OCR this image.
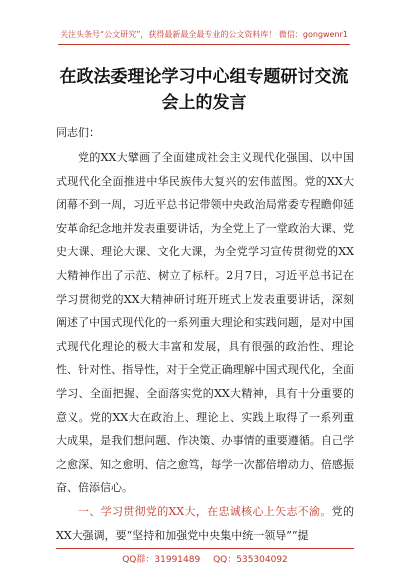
关注头条号“公文研究”，获得最新最全最专业的公文资料库！ 微信：gongwenr1
在政法委理论学习中心组专题研讨交流会上的发言
同志们：

党的XX大擘画了全面建成社会主义现代化强国、以中国式现代化全面推进中华民族伟大复兴的宏伟蓝图。党的XX大闭幕不到一周，习近平总书记带领中央政治局常委专程瞻仰延安革命纪念地并发表重要讲话，为全党上了一堂政治大课、党史大课、理论大课、文化大课，为全党学习宣传贯彻党的XX大精神作出了示范、树立了标杆。2月7日，习近平总书记在学习贯彻党的XX大精神研讨班开班式上发表重要讲话，深刻阐述了中国式现代化的一系列重大理论和实践问题，是对中国式现代化理论的极大丰富和发展，具有很强的政治性、理论性、针对性、指导性，对于全党正确理解中国式现代化，全面学习、全面把握、全面落实党的XX大精神，具有十分重要的意义。党的XX大在政治上、理论上、实践上取得了一系列重大成果，是我们想问题、作决策、办事情的重要遵循。自己学之愈深、知之愈明、信之愈笃，每学一次都倍增动力、倍感振奋、倍添信心。

一、学习贯彻党的XX大，在忠诚核心上矢志不渝。党的XX大强调，要“坚持和加强党中央集中统一领导”“提

QQ群：31991489 QQ：535304092
